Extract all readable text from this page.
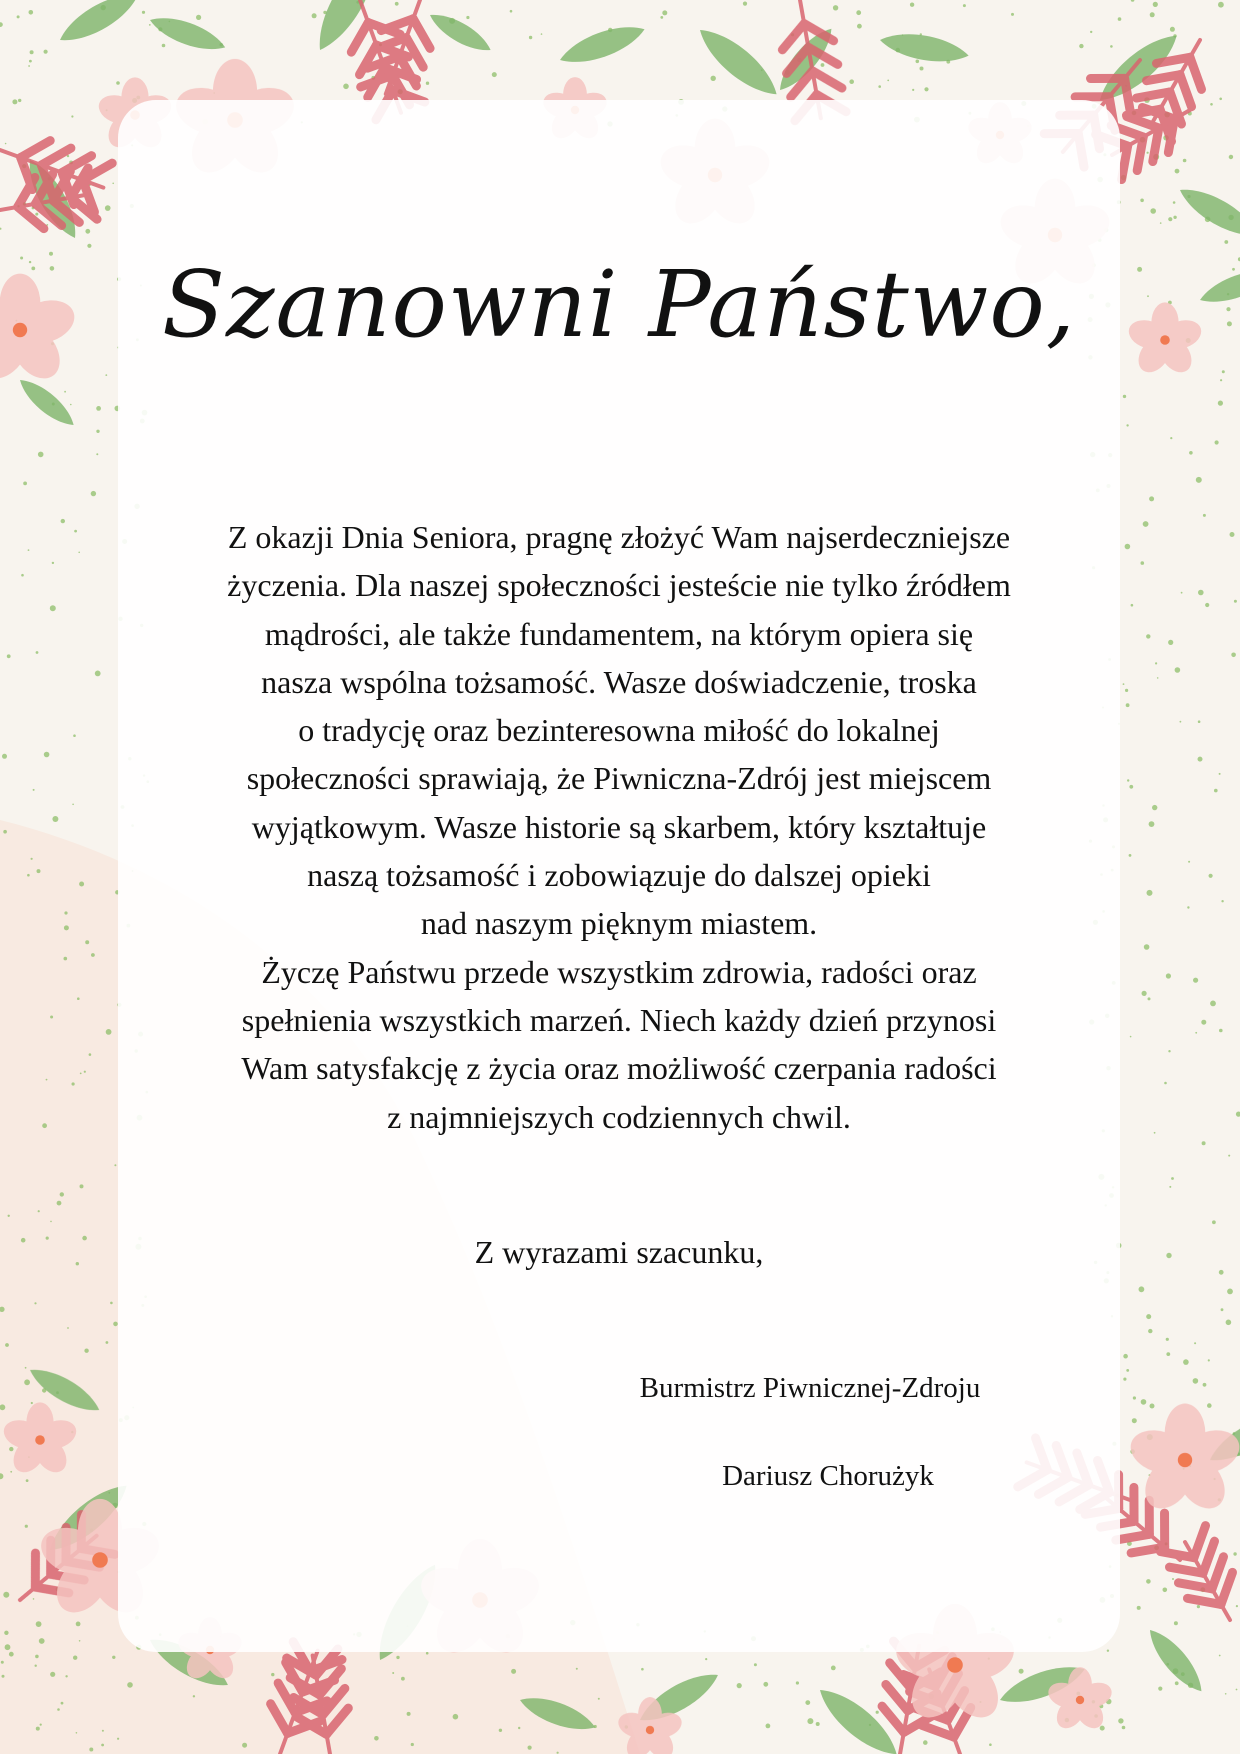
Szanowni Państwo,
Z okazji Dnia Seniora, pragnę złożyć Wam najserdeczniejsze
życzenia. Dla naszej społeczności jesteście nie tylko źródłem
mądrości, ale także fundamentem, na którym opiera się
nasza wspólna tożsamość. Wasze doświadczenie, troska
o tradycję oraz bezinteresowna miłość do lokalnej
społeczności sprawiają, że Piwniczna-Zdrój jest miejscem
wyjątkowym. Wasze historie są skarbem, który kształtuje
naszą tożsamość i zobowiązuje do dalszej opieki
nad naszym pięknym miastem.
Życzę Państwu przede wszystkim zdrowia, radości oraz
spełnienia wszystkich marzeń. Niech każdy dzień przynosi
Wam satysfakcję z życia oraz możliwość czerpania radości
z najmniejszych codziennych chwil.
Z wyrazami szacunku,
Burmistrz Piwnicznej-Zdroju
Dariusz Chorużyk
